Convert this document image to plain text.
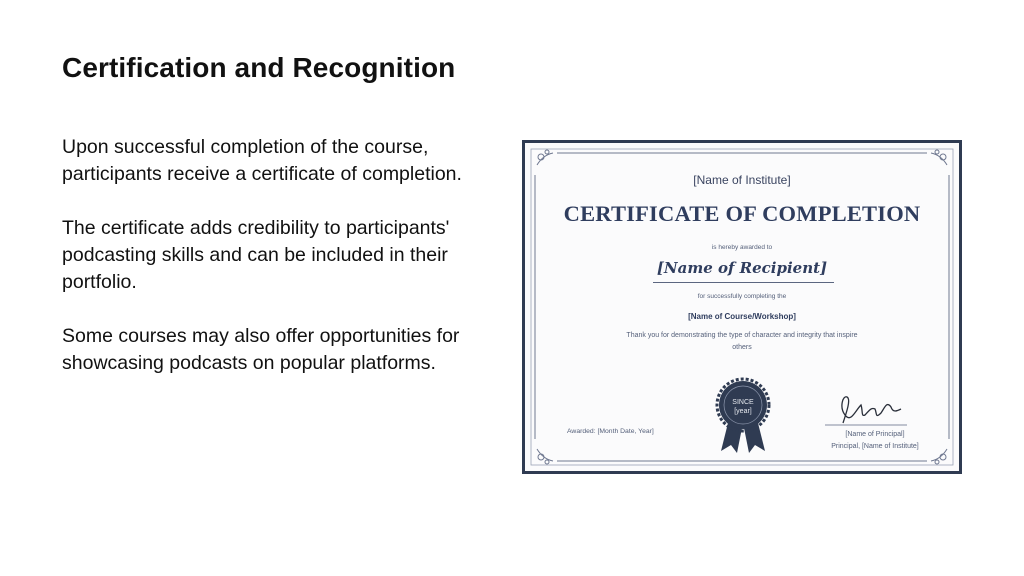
Certification and Recognition

Upon successful completion of the course, participants receive a certificate of completion.

The certificate adds credibility to participants' podcasting skills and can be included in their portfolio.

Some courses may also offer opportunities for showcasing podcasts on popular platforms.

[Name of Institute]
CERTIFICATE OF COMPLETION
is hereby awarded to
[Name of Recipient]
for successfully completing the
[Name of Course/Workshop]
Thank you for demonstrating the type of character and integrity that inspire others
SINCE
[year]
Awarded: [Month Date, Year]	[Name of Principal]
Principal, [Name of Institute]
